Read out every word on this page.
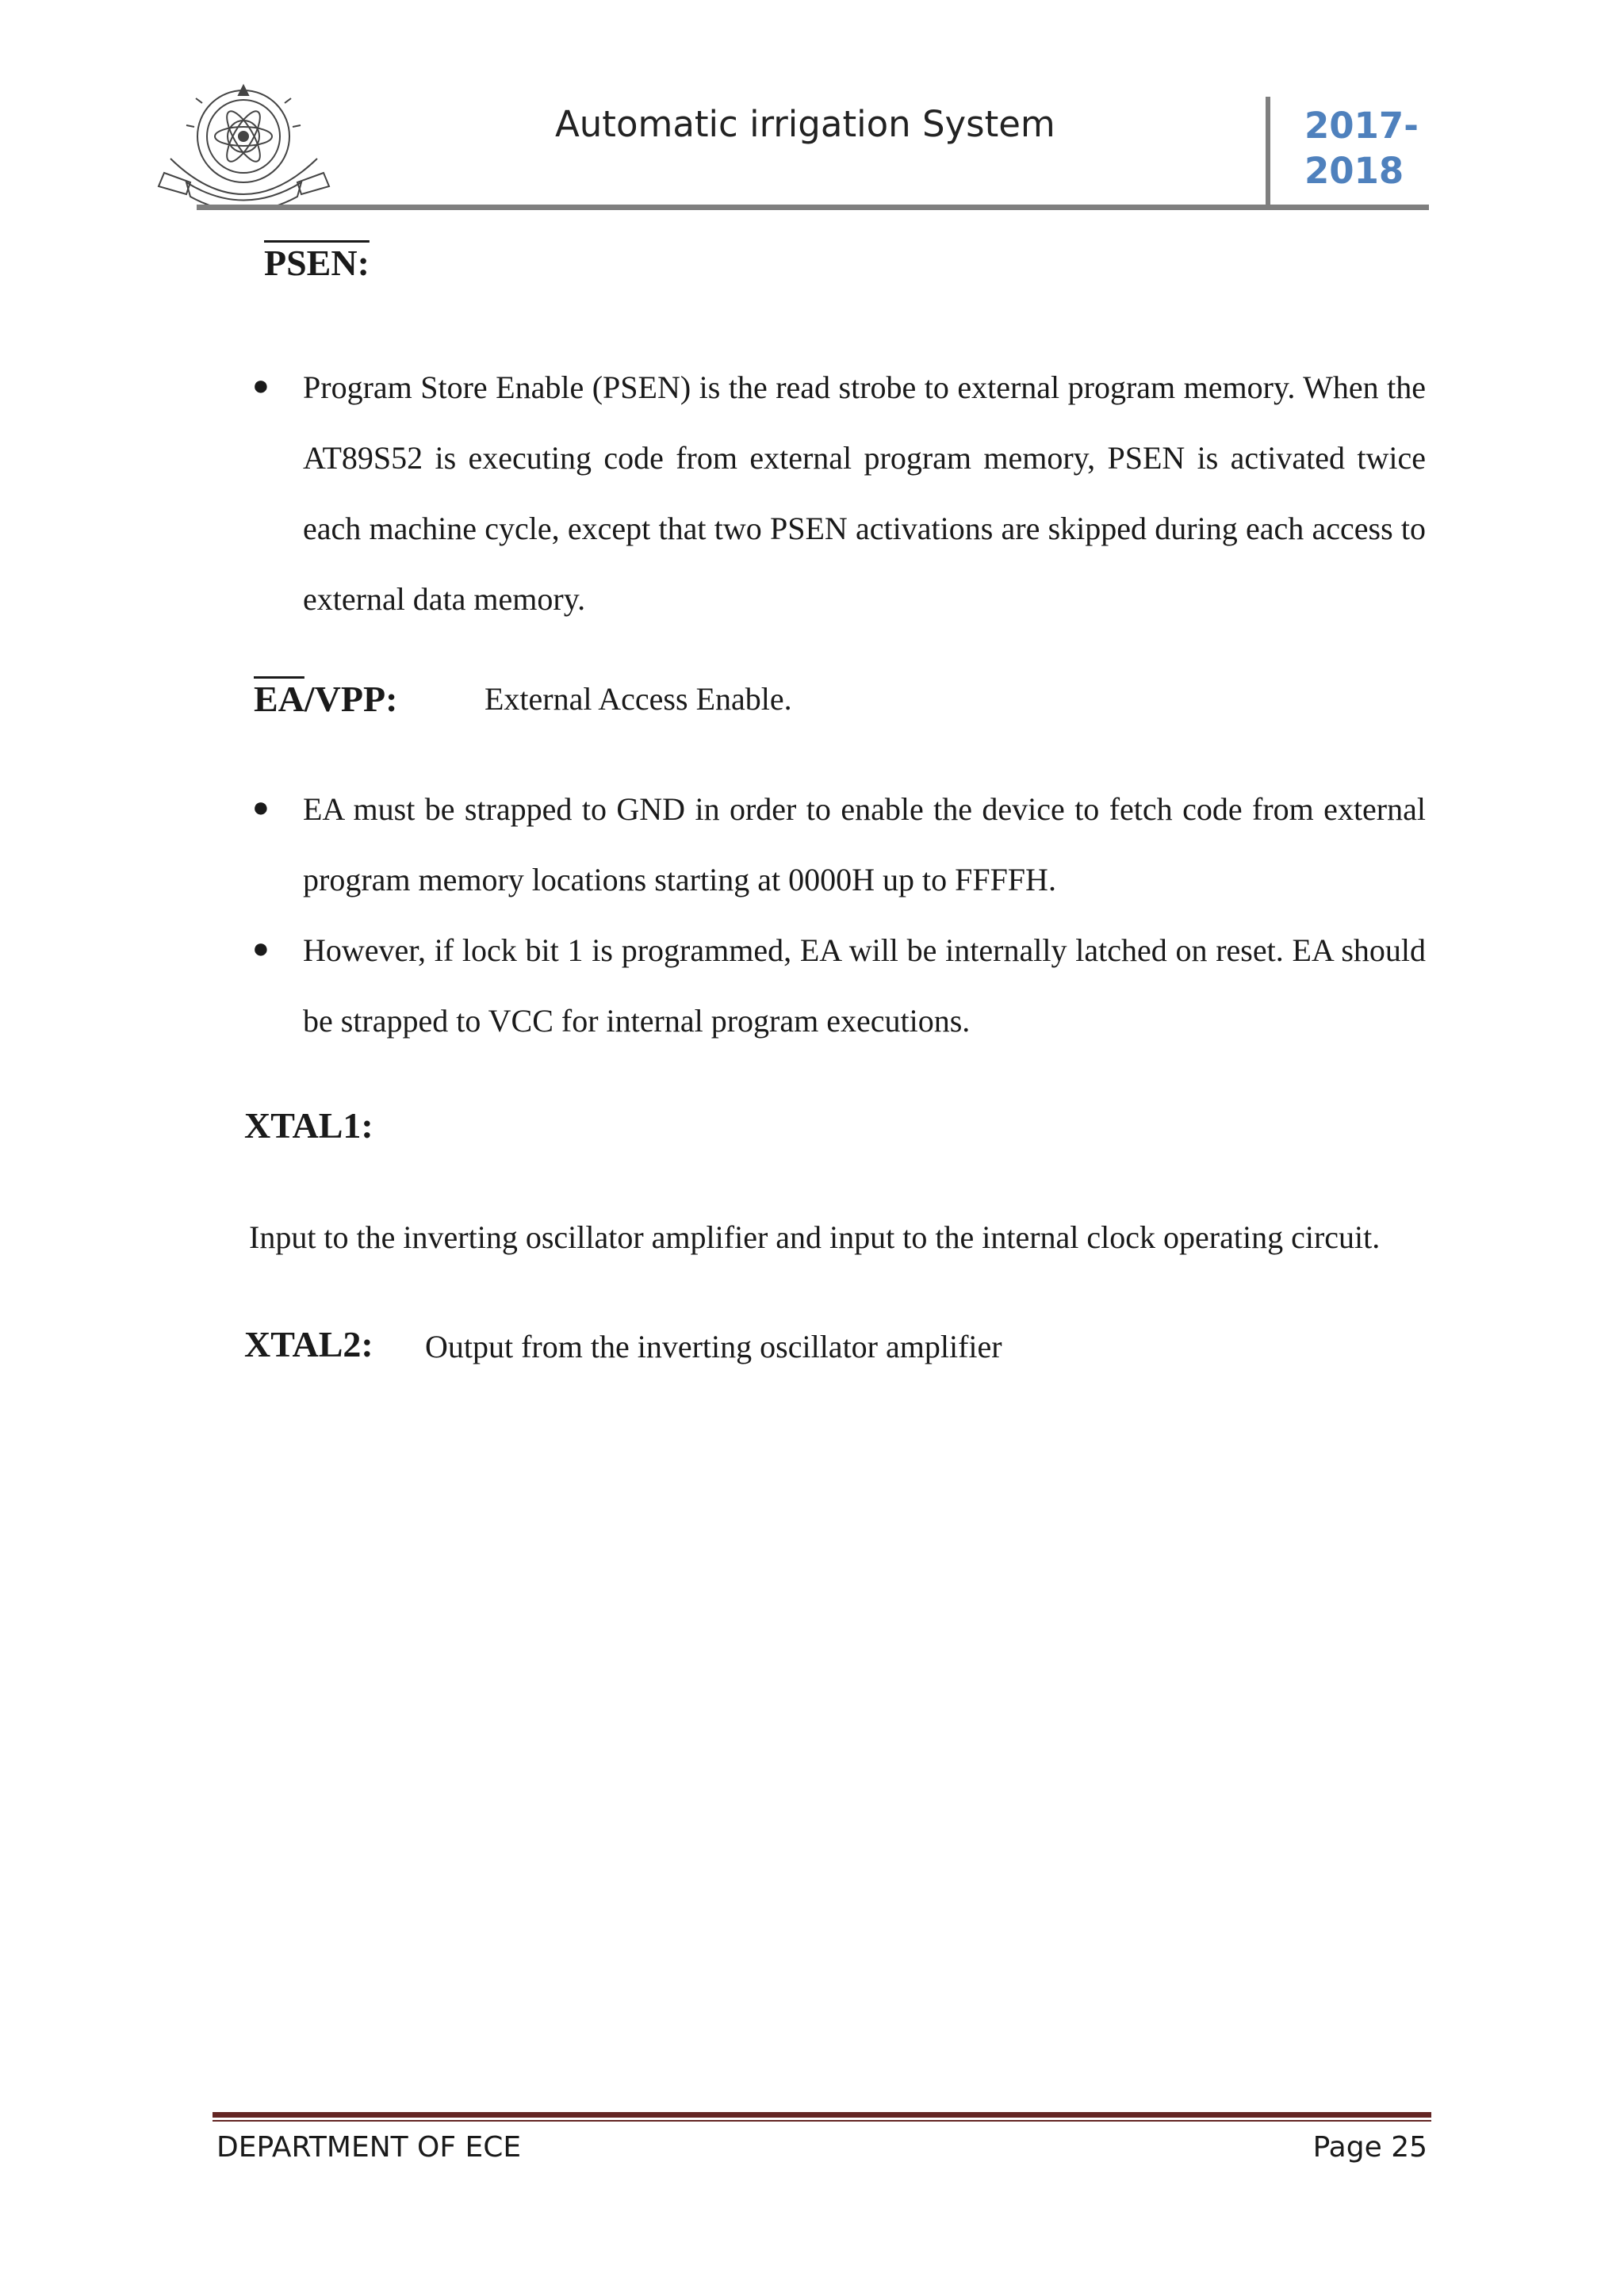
Automatic irrigation System	2017-
2018
PSEN:
● Program Store Enable (PSEN) is the read strobe to external program memory. When the AT89S52 is executing code from external program memory, PSEN is activated twice each machine cycle, except that two PSEN activations are skipped during each access to external data memory.
$\overline{EA}$/VPP:	External Access Enable.
● EA must be strapped to GND in order to enable the device to fetch code from external program memory locations starting at 0000H up to FFFFH.
● However, if lock bit 1 is programmed, EA will be internally latched on reset. EA should be strapped to VCC for internal program executions.
XTAL1:
Input to the inverting oscillator amplifier and input to the internal clock operating circuit.
XTAL2: Output from the inverting oscillator amplifier
DEPARTMENT OF ECE	Page 25
